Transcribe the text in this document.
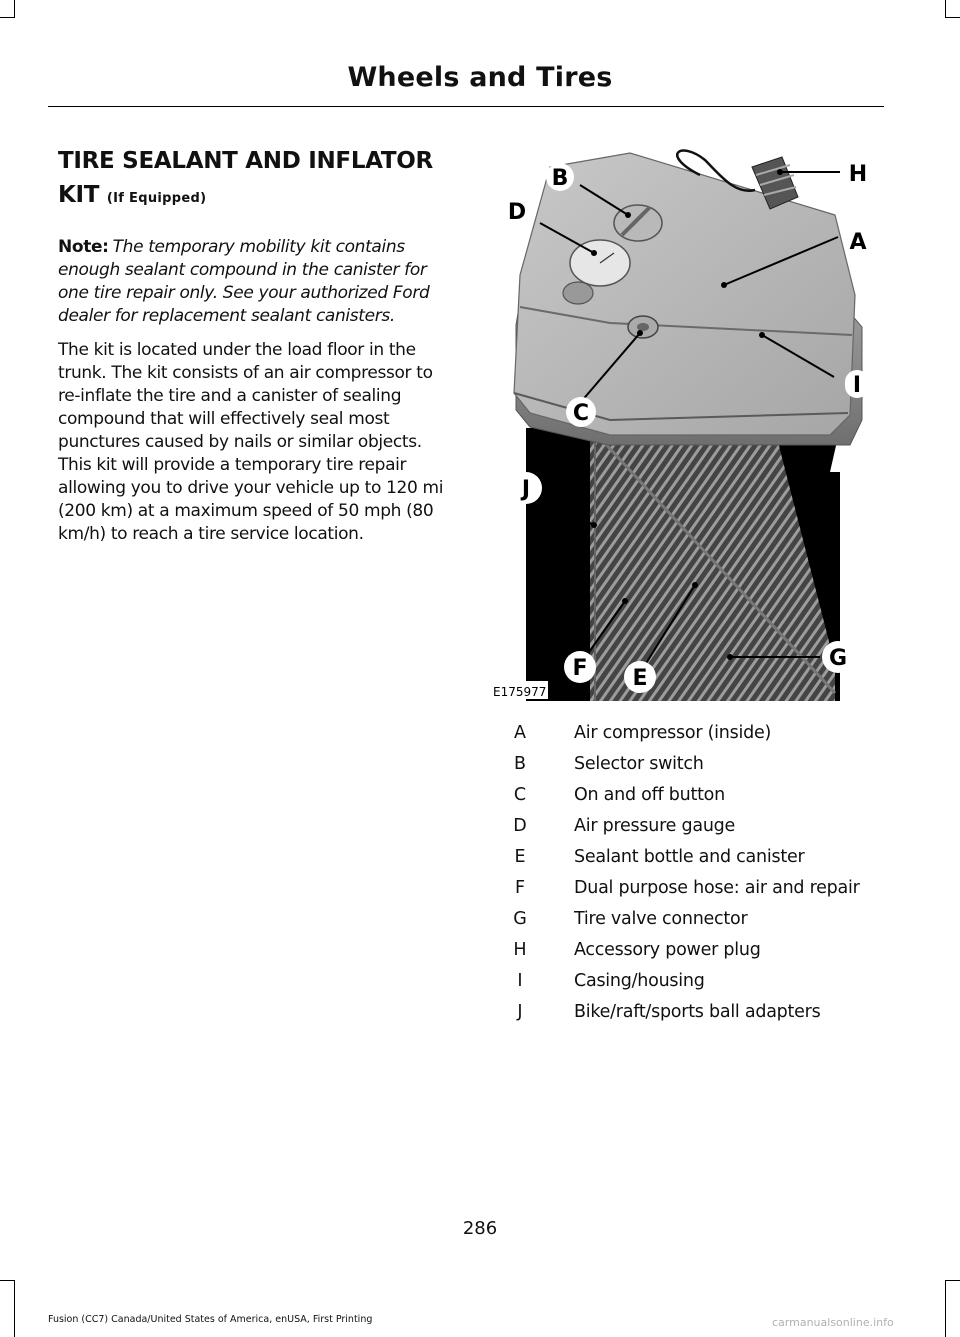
Wheels and Tires
TIRE SEALANT AND INFLATOR KIT (If Equipped)
Note: The temporary mobility kit contains enough sealant compound in the canister for one tire repair only. See your authorized Ford dealer for replacement sealant canisters.
The kit is located under the load floor in the trunk. The kit consists of an air compressor to re-inflate the tire and a canister of sealing compound that will effectively seal most punctures caused by nails or similar objects. This kit will provide a temporary tire repair allowing you to drive your vehicle up to 120 mi (200 km) at a maximum speed of 50 mph (80 km/h) to reach a tire service location.
B
D
A
H
I
C
J
F E
G
E175977
A	Air compressor (inside)
B	Selector switch
C	On and off button
D	Air pressure gauge
E	Sealant bottle and canister
F	Dual purpose hose: air and repair
G	Tire valve connector
H	Accessory power plug
I	Casing/housing
J	Bike/raft/sports ball adapters
286
Fusion (CC7) Canada/United States of America, enUSA, First Printing	carmanualsonline.info
